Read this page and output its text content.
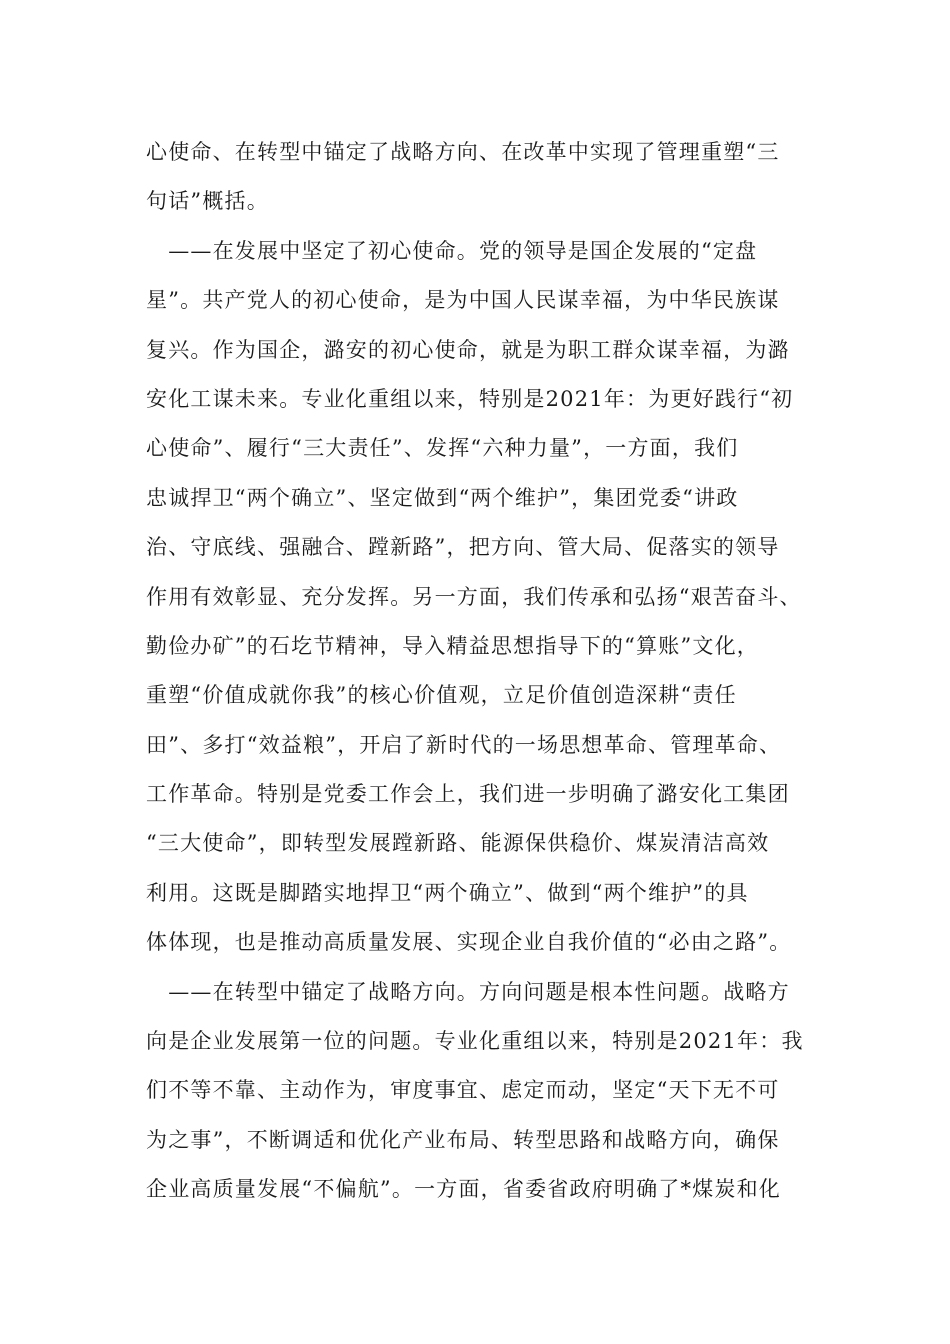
心使命、在转型中锚定了战略方向、在改革中实现了管理重塑“三
句话”概括。
　——在发展中坚定了初心使命。党的领导是国企发展的“定盘
星”。共产党人的初心使命，是为中国人民谋幸福，为中华民族谋
复兴。作为国企，潞安的初心使命，就是为职工群众谋幸福，为潞
安化工谋未来。专业化重组以来，特别是2021年：为更好践行“初
心使命”、履行“三大责任”、发挥“六种力量”，一方面，我们
忠诚捍卫“两个确立”、坚定做到“两个维护”，集团党委“讲政
治、守底线、强融合、蹚新路”，把方向、管大局、促落实的领导
作用有效彰显、充分发挥。另一方面，我们传承和弘扬“艰苦奋斗、
勤俭办矿”的石圪节精神，导入精益思想指导下的“算账”文化，
重塑“价值成就你我”的核心价值观，立足价值创造深耕“责任
田”、多打“效益粮”，开启了新时代的一场思想革命、管理革命、
工作革命。特别是党委工作会上，我们进一步明确了潞安化工集团
“三大使命”，即转型发展蹚新路、能源保供稳价、煤炭清洁高效
利用。这既是脚踏实地捍卫“两个确立”、做到“两个维护”的具
体体现，也是推动高质量发展、实现企业自我价值的“必由之路”。
　——在转型中锚定了战略方向。方向问题是根本性问题。战略方
向是企业发展第一位的问题。专业化重组以来，特别是2021年：我
们不等不靠、主动作为，审度事宜、虑定而动，坚定“天下无不可
为之事”，不断调适和优化产业布局、转型思路和战略方向，确保
企业高质量发展“不偏航”。一方面，省委省政府明确了*煤炭和化
